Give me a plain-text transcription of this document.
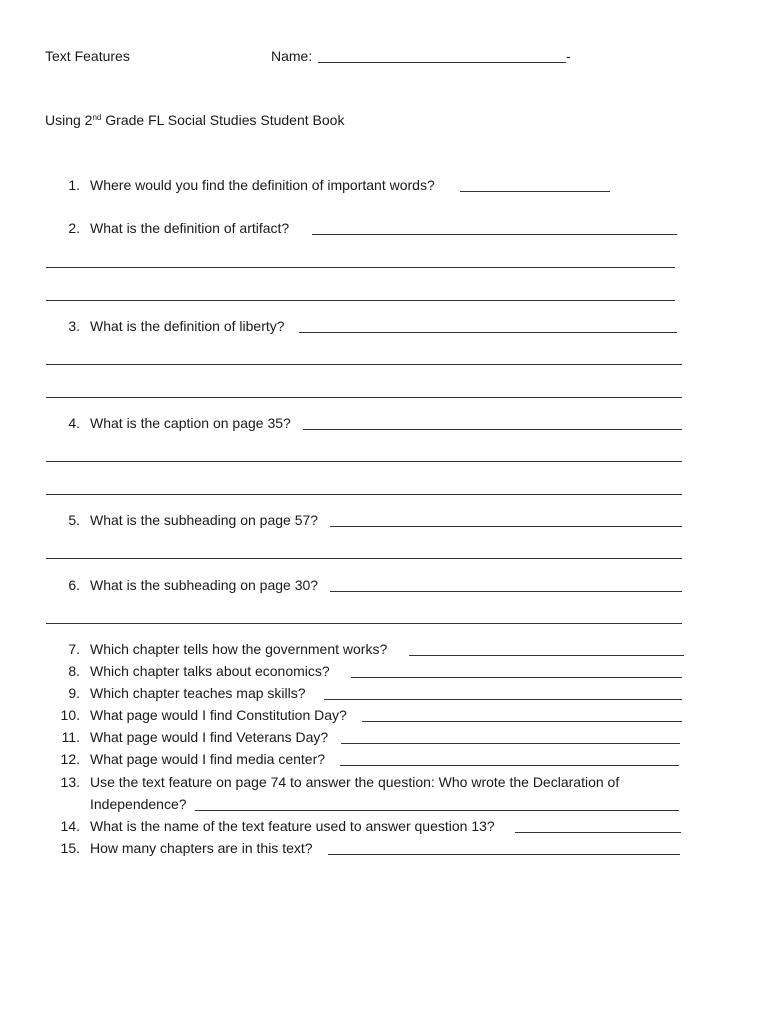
Text Features	Name:	-
Using 2nd Grade FL Social Studies Student Book
1. Where would you find the definition of important words?
2. What is the definition of artifact?
3. What is the definition of liberty?
4. What is the caption on page 35?
5. What is the subheading on page 57?
6. What is the subheading on page 30?
7. Which chapter tells how the government works?
8. Which chapter talks about economics?
9. Which chapter teaches map skills?
10. What page would I find Constitution Day?
11. What page would I find Veterans Day?
12. What page would I find media center?
13. Use the text feature on page 74 to answer the question: Who wrote the Declaration of
Independence?
14. What is the name of the text feature used to answer question 13?
15. How many chapters are in this text?
